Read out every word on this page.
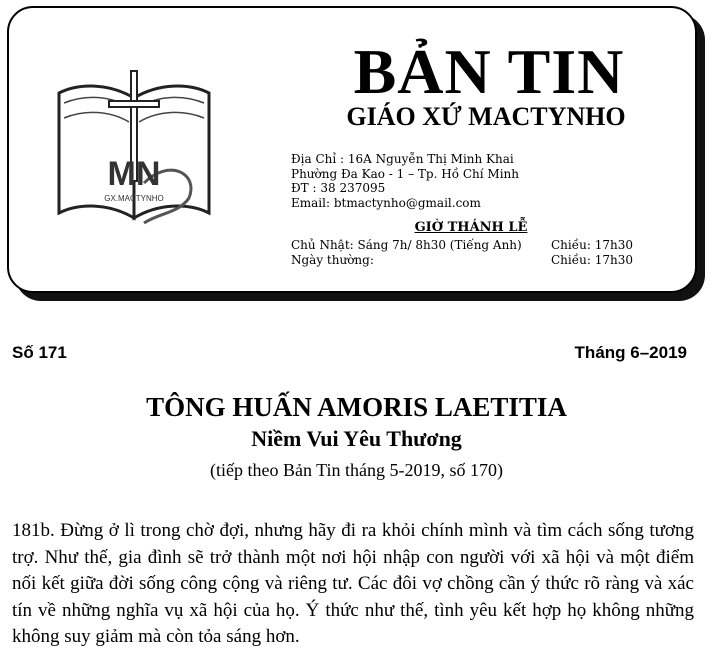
MN
GX.MACTYNHO
BẢN TIN
GIÁO XỨ MACTYNHO
Địa Chỉ : 16A Nguyễn Thị Minh Khai
Phường Đa Kao - 1 – Tp. Hồ Chí Minh
ĐT : 38 237095
Email: btmactynho@gmail.com
GIỜ THÁNH LỄ
Chủ Nhật: Sáng 7h/ 8h30 (Tiếng Anh) Chiều: 17h30
Ngày thường:	Chiều: 17h30
Số 171	Tháng 6–2019
TÔNG HUẤN AMORIS LAETITIA
Niềm Vui Yêu Thương
(tiếp theo Bản Tin tháng 5-2019, số 170)
181b. Đừng ở lì trong chờ đợi, nhưng hãy đi ra khỏi chính mình và tìm cách sống tương trợ. Như thế, gia đình sẽ trở thành một nơi hội nhập con người với xã hội và một điểm nối kết giữa đời sống công cộng và riêng tư. Các đôi vợ chồng cần ý thức rõ ràng và xác tín về những nghĩa vụ xã hội của họ. Ý thức như thế, tình yêu kết hợp họ không những không suy giảm mà còn tỏa sáng hơn.
